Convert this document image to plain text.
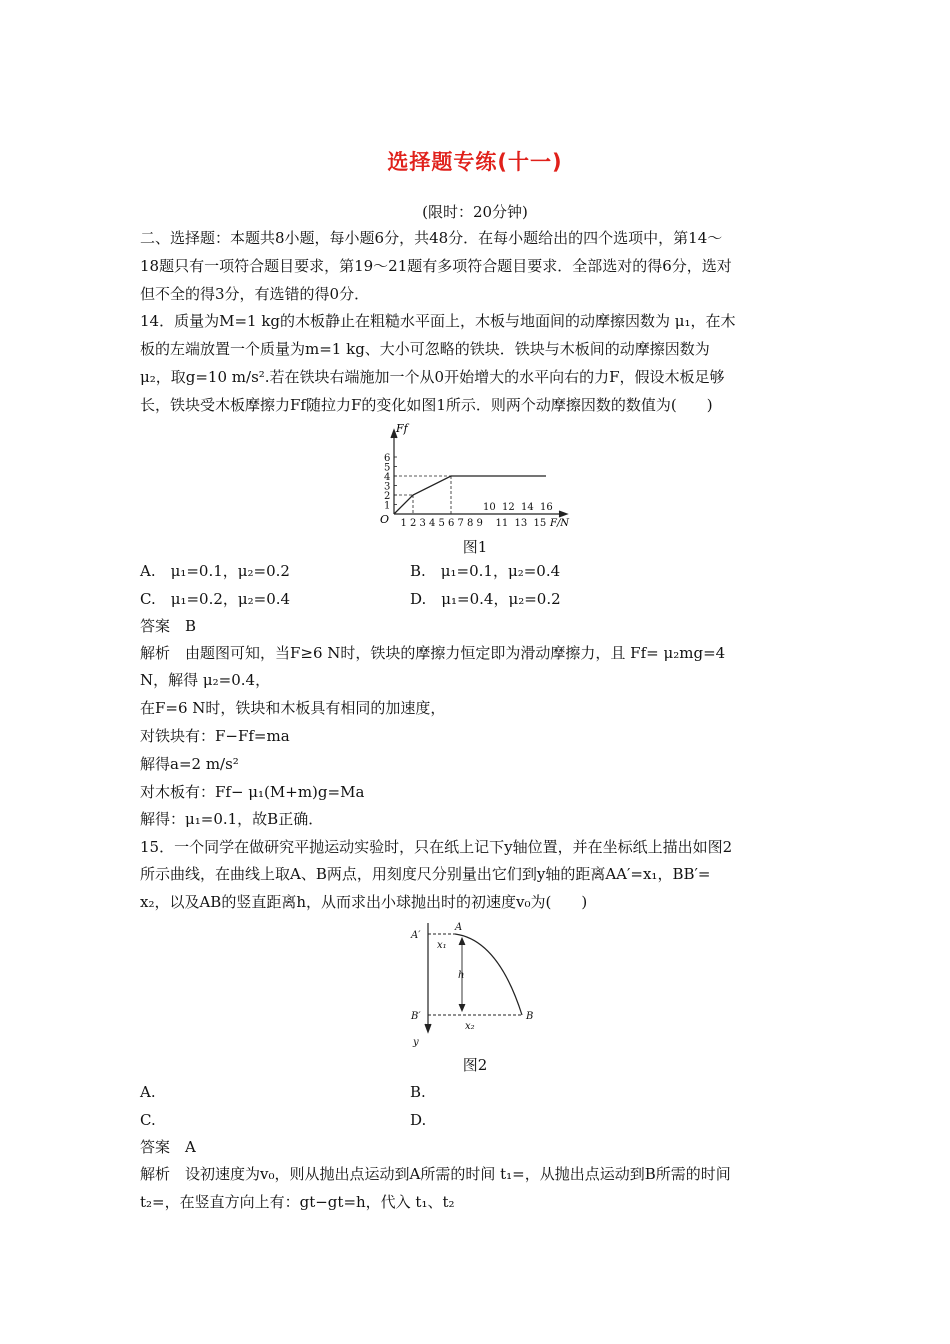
选择题专练(十一)
(限时：20分钟)
二、选择题：本题共8小题，每小题6分，共48分．在每小题给出的四个选项中，第14～
18题只有一项符合题目要求，第19～21题有多项符合题目要求．全部选对的得6分，选对
但不全的得3分，有选错的得0分．
14．质量为M=1 kg的木板静止在粗糙水平面上，木板与地面间的动摩擦因数为 μ₁，在木
板的左端放置一个质量为m=1 kg、大小可忽略的铁块．铁块与木板间的动摩擦因数为
μ₂，取g=10 m/s².若在铁块右端施加一个从0开始增大的水平向右的力F，假设木板足够
长，铁块受木板摩擦力Ff随拉力F的变化如图1所示．则两个动摩擦因数的数值为(　　)
1
2
3
4
5
6
1 2 3 4 5 6 7 8 9 11 13 15
10 12 14 16
Ff
O	F/N
图1
A.　μ₁=0.1，μ₂=0.2	B.　μ₁=0.1，μ₂=0.4
C.　μ₁=0.2，μ₂=0.4	D.　μ₁=0.4，μ₂=0.2
答案　B
解析　由题图可知，当F≥6 N时，铁块的摩擦力恒定即为滑动摩擦力，且 Ff= μ₂mg=4
N，解得 μ₂=0.4，
在F=6 N时，铁块和木板具有相同的加速度，
对铁块有：F−Ff=ma
解得a=2 m/s²
对木板有：Ff− μ₁(M+m)g=Ma
解得：μ₁=0.1，故B正确．
15．一个同学在做研究平抛运动实验时，只在纸上记下y轴位置，并在坐标纸上描出如图2
所示曲线，在曲线上取A、B两点，用刻度尺分别量出它们到y轴的距离AA′=x₁，BB′=
x₂，以及AB的竖直距离h，从而求出小球抛出时的初速度v₀为(　　)
A′
A
x₁
h
B′	B
x₂
y
图2
A.	B.
C.	D.
答案　A
解析　设初速度为v₀，则从抛出点运动到A所需的时间 t₁=，从抛出点运动到B所需的时间
t₂=，在竖直方向上有：gt−gt=h，代入 t₁、t₂
